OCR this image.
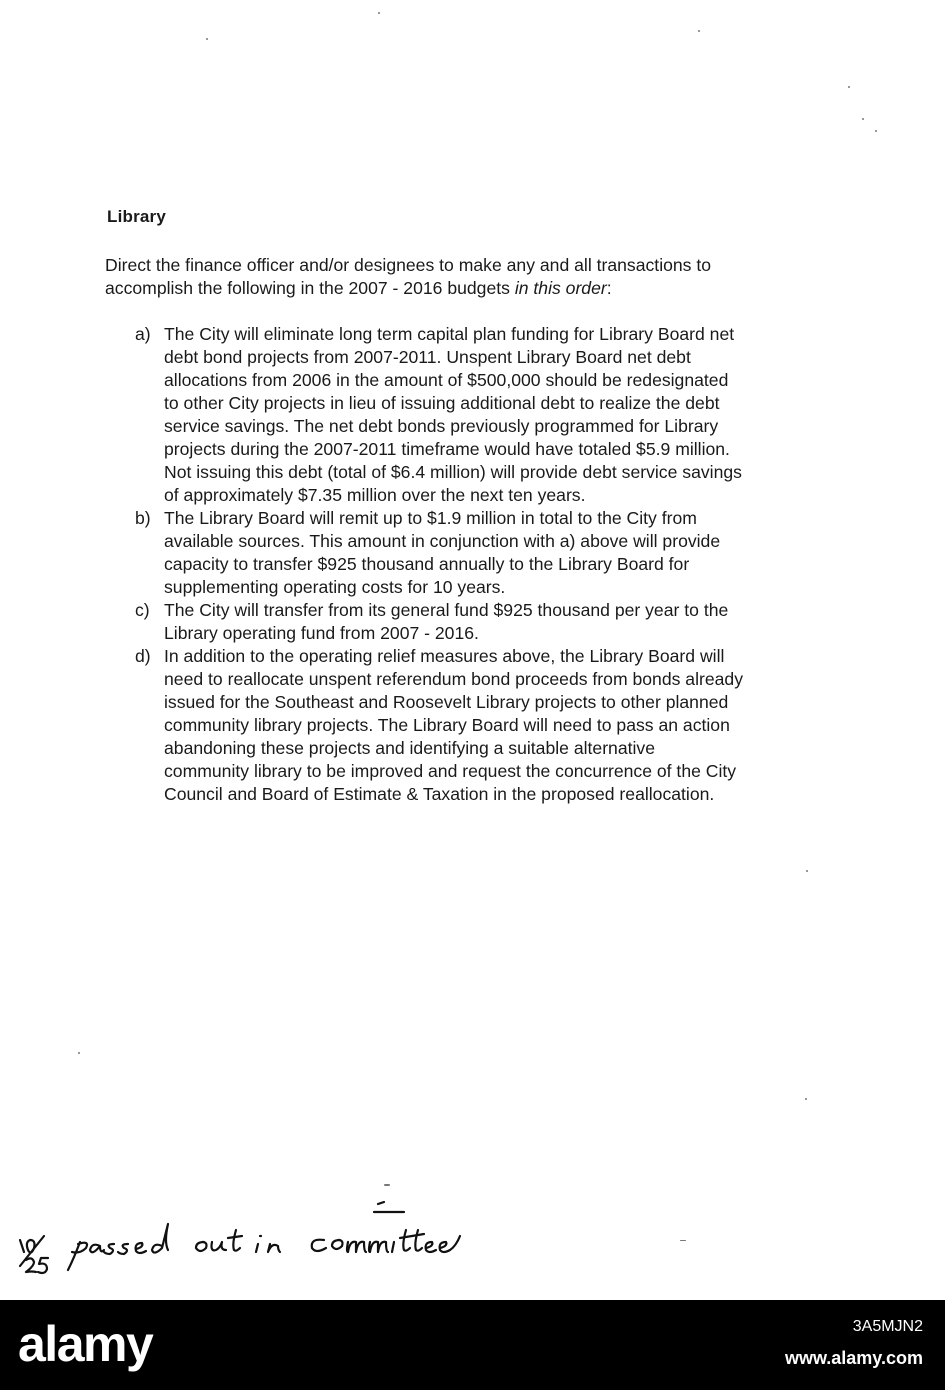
Library
Direct the finance officer and/or designees to make any and all transactions to
accomplish the following in the 2007 - 2016 budgets in this order:
a) The City will eliminate long term capital plan funding for Library Board net
debt bond projects from 2007-2011. Unspent Library Board net debt
allocations from 2006 in the amount of $500,000 should be redesignated
to other City projects in lieu of issuing additional debt to realize the debt
service savings. The net debt bonds previously programmed for Library
projects during the 2007-2011 timeframe would have totaled $5.9 million.
Not issuing this debt (total of $6.4 million) will provide debt service savings
of approximately $7.35 million over the next ten years.
b) The Library Board will remit up to $1.9 million in total to the City from
available sources. This amount in conjunction with a) above will provide
capacity to transfer $925 thousand annually to the Library Board for
supplementing operating costs for 10 years.
c) The City will transfer from its general fund $925 thousand per year to the
Library operating fund from 2007 - 2016.
d) In addition to the operating relief measures above, the Library Board will
need to reallocate unspent referendum bond proceeds from bonds already
issued for the Southeast and Roosevelt Library projects to other planned
community library projects. The Library Board will need to pass an action
abandoning these projects and identifying a suitable alternative
community library to be improved and request the concurrence of the City
Council and Board of Estimate & Taxation in the proposed reallocation.
alamy	3A5MJN2
www.alamy.com
